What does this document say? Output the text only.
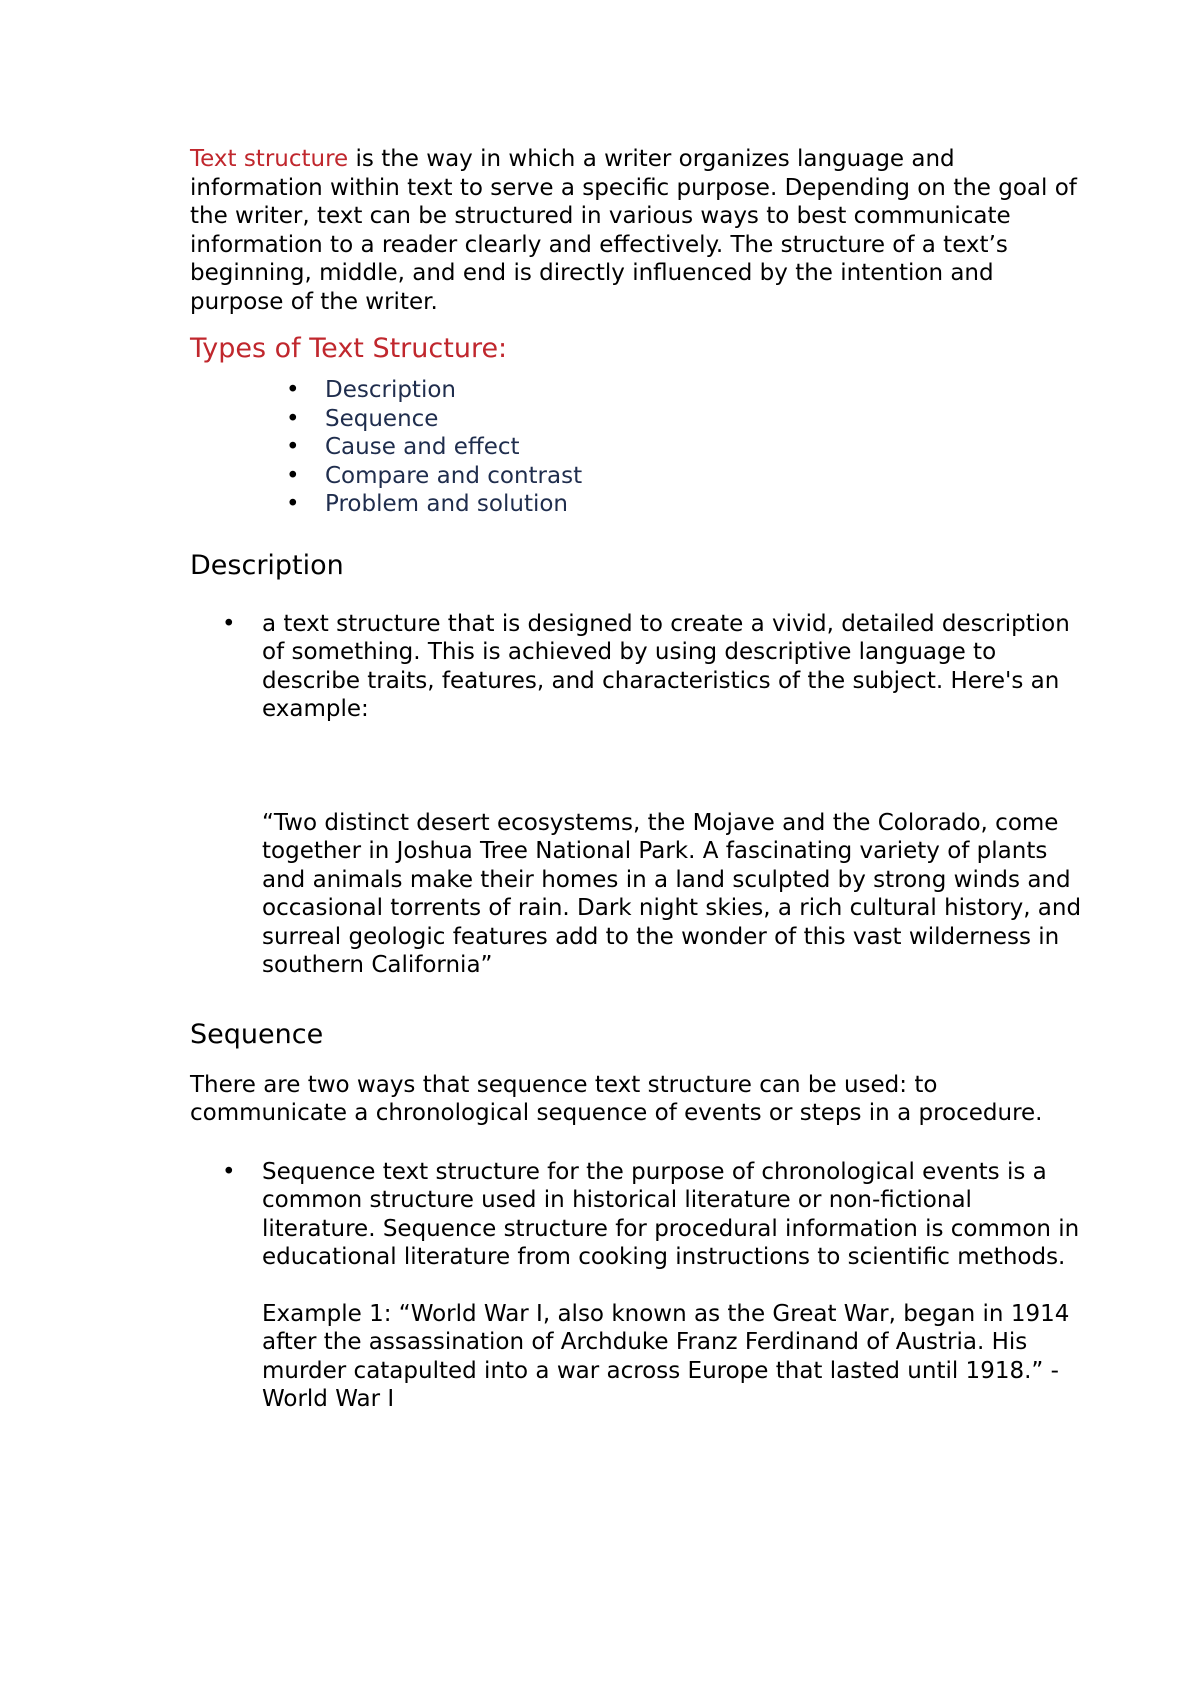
Text structure is the way in which a writer organizes language and information within text to serve a specific purpose. Depending on the goal of the writer, text can be structured in various ways to best communicate information to a reader clearly and effectively. The structure of a text’s beginning, middle, and end is directly influenced by the intention and purpose of the writer.

Types of Text Structure:

• Description
• Sequence
• Cause and effect
• Compare and contrast
• Problem and solution

Description

• a text structure that is designed to create a vivid, detailed description of something. This is achieved by using descriptive language to describe traits, features, and characteristics of the subject. Here's an example:

“Two distinct desert ecosystems, the Mojave and the Colorado, come together in Joshua Tree National Park. A fascinating variety of plants and animals make their homes in a land sculpted by strong winds and occasional torrents of rain. Dark night skies, a rich cultural history, and surreal geologic features add to the wonder of this vast wilderness in southern California”

Sequence

There are two ways that sequence text structure can be used: to communicate a chronological sequence of events or steps in a procedure.

• Sequence text structure for the purpose of chronological events is a common structure used in historical literature or non-fictional literature. Sequence structure for procedural information is common in educational literature from cooking instructions to scientific methods.

Example 1: “World War I, also known as the Great War, began in 1914 after the assassination of Archduke Franz Ferdinand of Austria. His murder catapulted into a war across Europe that lasted until 1918.” - World War I
